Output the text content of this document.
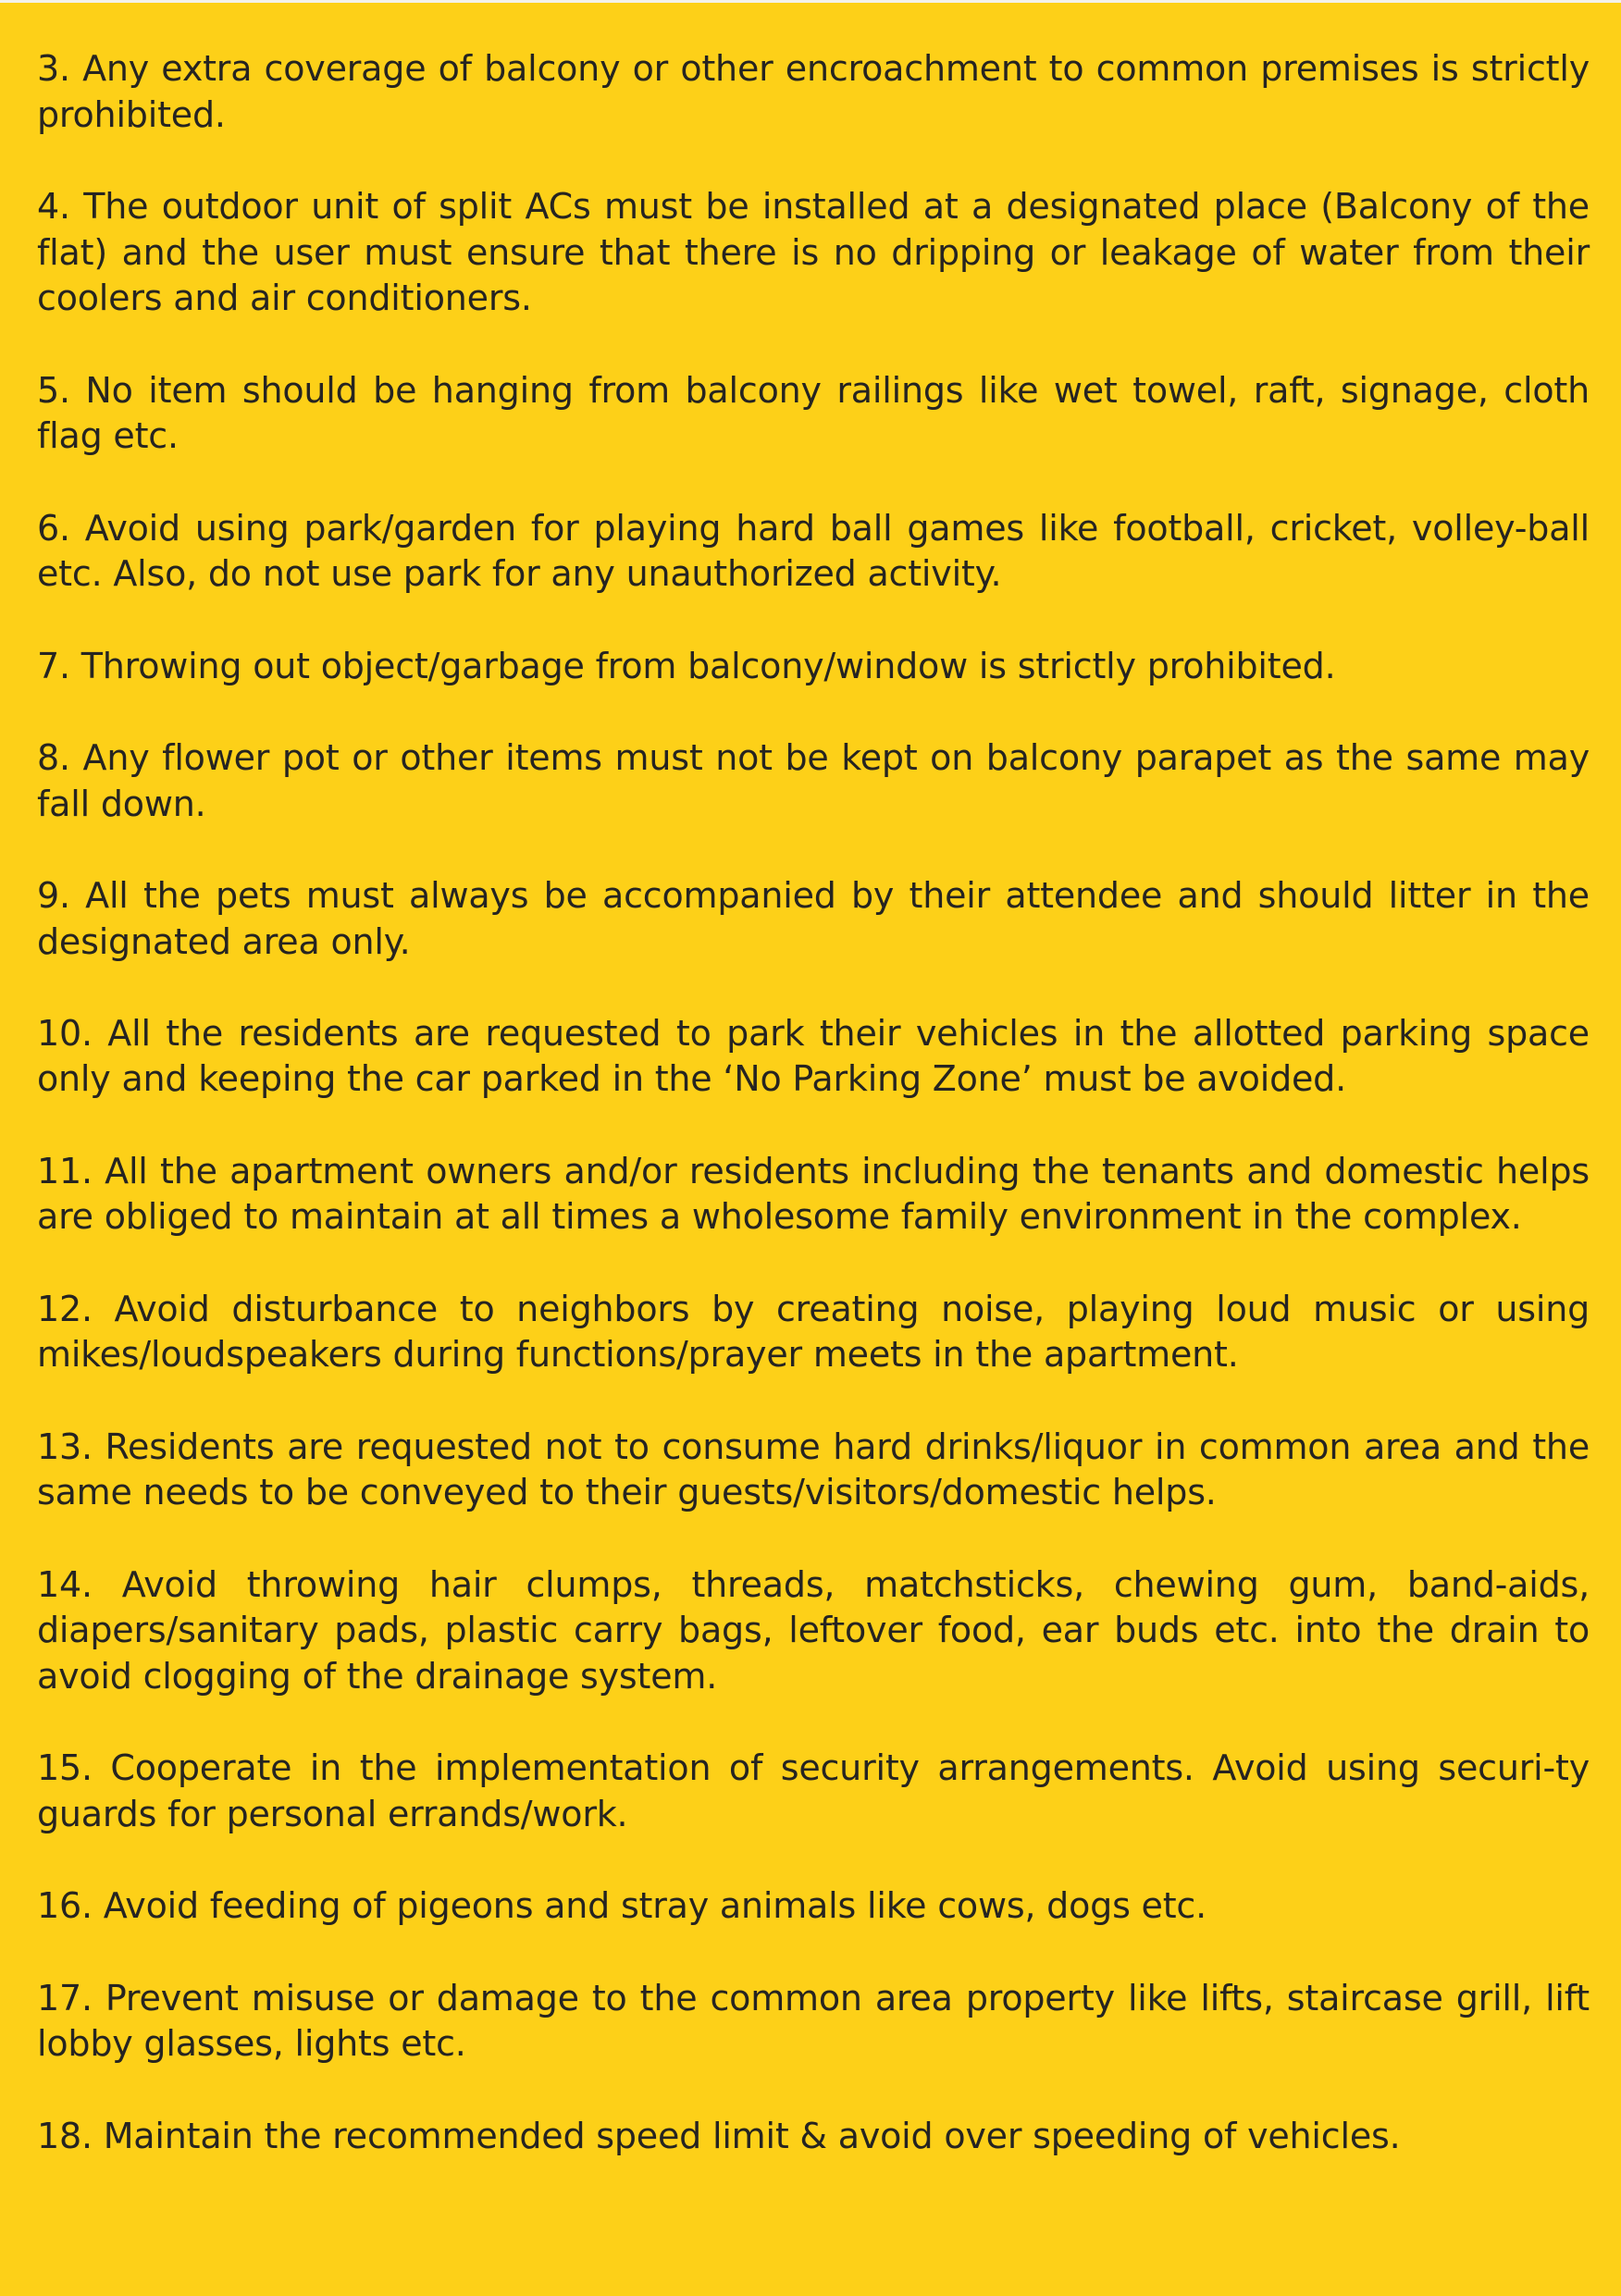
3. Any extra coverage of balcony or other encroachment to common premises is strictly prohibited.
4. The outdoor unit of split ACs must be installed at a designated place (Balcony of the flat) and the user must ensure that there is no dripping or leakage of water from their coolers and air conditioners.
5. No item should be hanging from balcony railings like wet towel, raft, signage, cloth flag etc.
6. Avoid using park/garden for playing hard ball games like football, cricket, volley-ball etc. Also, do not use park for any unauthorized activity.
7. Throwing out object/garbage from balcony/window is strictly prohibited.
8. Any flower pot or other items must not be kept on balcony parapet as the same may fall down.
9. All the pets must always be accompanied by their attendee and should litter in the designated area only.
10. All the residents are requested to park their vehicles in the allotted parking space only and keeping the car parked in the ‘No Parking Zone’ must be avoided.
11. All the apartment owners and/or residents including the tenants and domestic helps are obliged to maintain at all times a wholesome family environment in the complex.
12. Avoid disturbance to neighbors by creating noise, playing loud music or using mikes/loudspeakers during functions/prayer meets in the apartment.
13. Residents are requested not to consume hard drinks/liquor in common area and the same needs to be conveyed to their guests/visitors/domestic helps.
14. Avoid throwing hair clumps, threads, matchsticks, chewing gum, band-aids, diapers/sanitary pads, plastic carry bags, leftover food, ear buds etc. into the drain to avoid clogging of the drainage system.
15. Cooperate in the implementation of security arrangements. Avoid using securi-ty guards for personal errands/work.
16. Avoid feeding of pigeons and stray animals like cows, dogs etc.
17. Prevent misuse or damage to the common area property like lifts, staircase grill, lift lobby glasses, lights etc.
18. Maintain the recommended speed limit & avoid over speeding of vehicles.
